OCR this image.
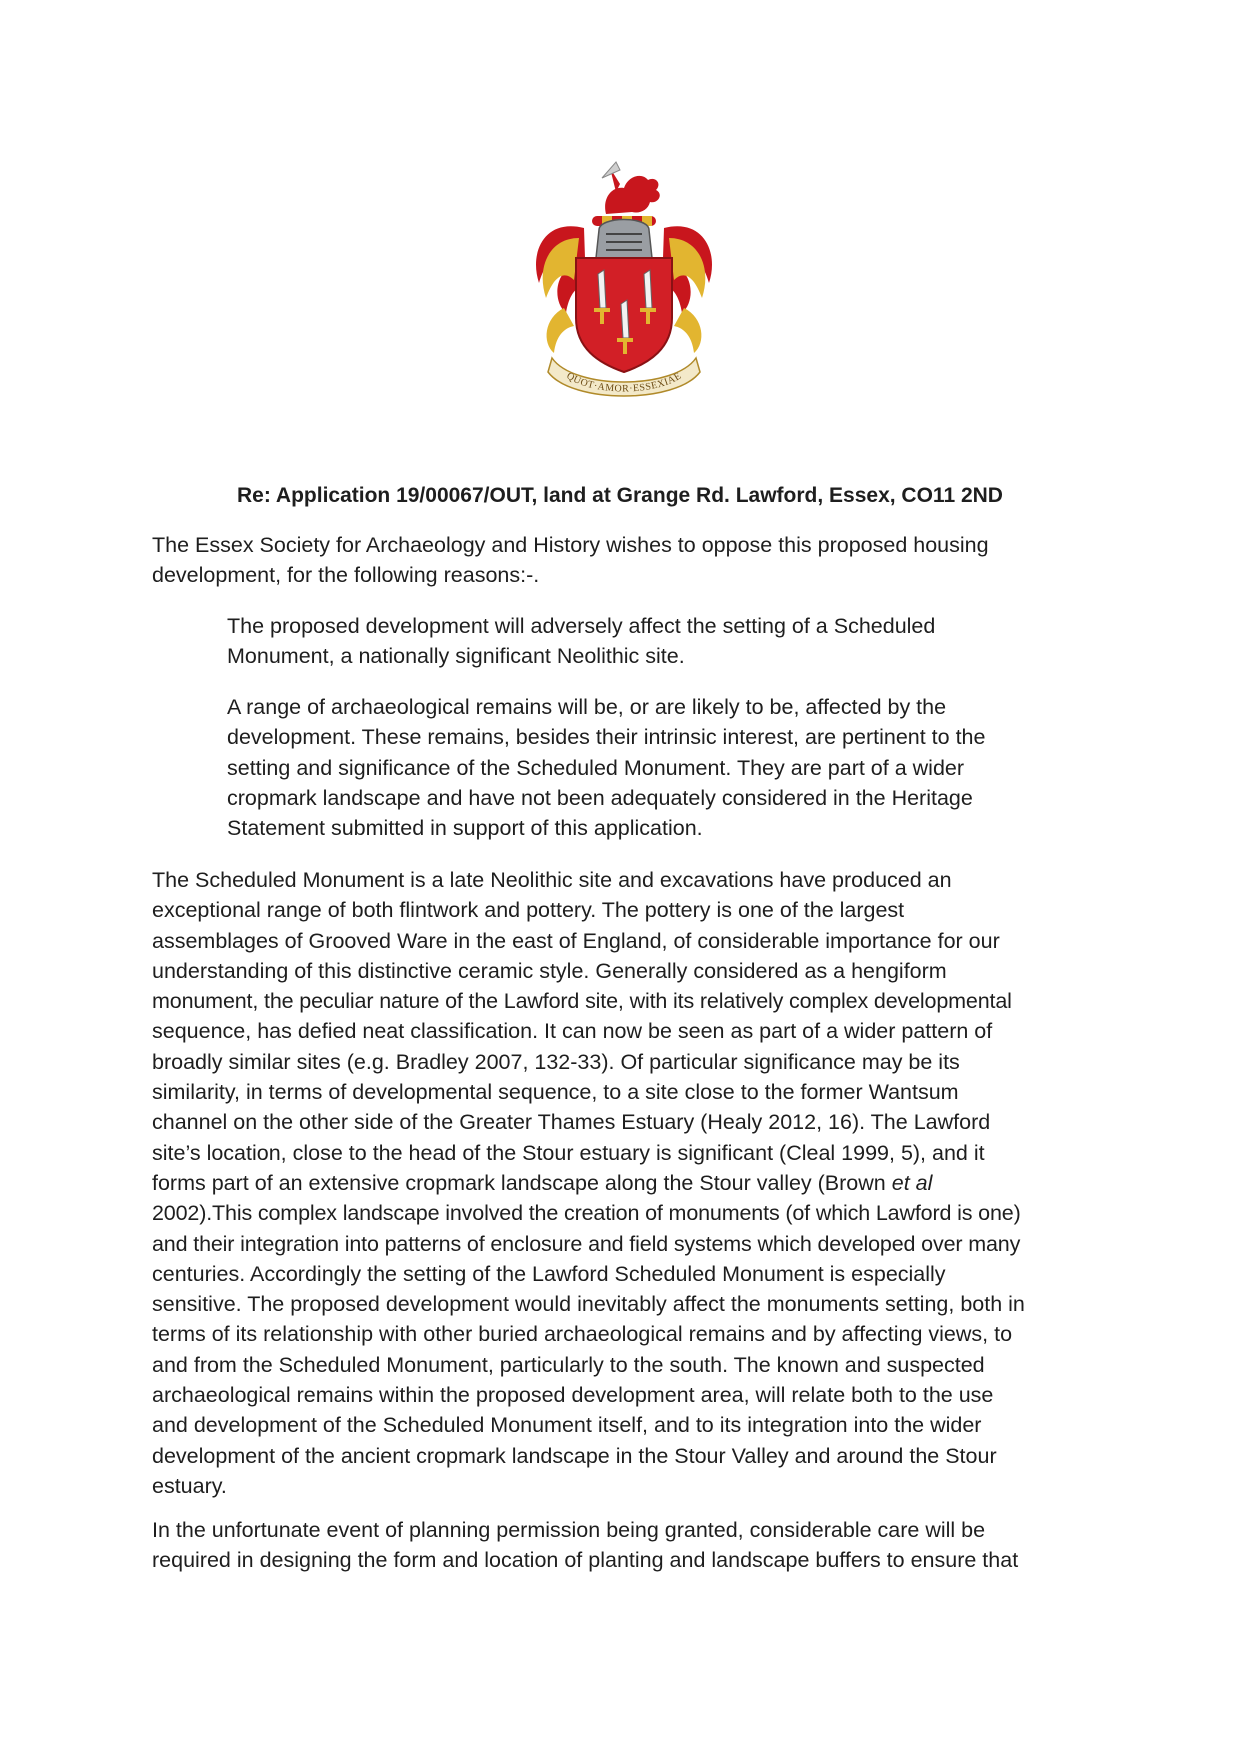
QUOT·AMOR·ESSEXIAE
Re: Application 19/00067/OUT, land at Grange Rd. Lawford, Essex, CO11 2ND

The Essex Society for Archaeology and History wishes to oppose this proposed housing
development, for the following reasons:-.

The proposed development will adversely affect the setting of a Scheduled
Monument, a nationally significant Neolithic site.

A range of archaeological remains will be, or are likely to be, affected by the
development. These remains, besides their intrinsic interest, are pertinent to the
setting and significance of the Scheduled Monument. They are part of a wider
cropmark landscape and have not been adequately considered in the Heritage
Statement submitted in support of this application.

The Scheduled Monument is a late Neolithic site and excavations have produced an
exceptional range of both flintwork and pottery. The pottery is one of the largest
assemblages of Grooved Ware in the east of England, of considerable importance for our
understanding of this distinctive ceramic style. Generally considered as a hengiform
monument, the peculiar nature of the Lawford site, with its relatively complex developmental
sequence, has defied neat classification. It can now be seen as part of a wider pattern of
broadly similar sites (e.g. Bradley 2007, 132-33). Of particular significance may be its
similarity, in terms of developmental sequence, to a site close to the former Wantsum
channel on the other side of the Greater Thames Estuary (Healy 2012, 16). The Lawford
site’s location, close to the head of the Stour estuary is significant (Cleal 1999, 5), and it
forms part of an extensive cropmark landscape along the Stour valley (Brown et al
2002).This complex landscape involved the creation of monuments (of which Lawford is one)
and their integration into patterns of enclosure and field systems which developed over many
centuries. Accordingly the setting of the Lawford Scheduled Monument is especially
sensitive. The proposed development would inevitably affect the monuments setting, both in
terms of its relationship with other buried archaeological remains and by affecting views, to
and from the Scheduled Monument, particularly to the south. The known and suspected
archaeological remains within the proposed development area, will relate both to the use
and development of the Scheduled Monument itself, and to its integration into the wider
development of the ancient cropmark landscape in the Stour Valley and around the Stour
estuary.

In the unfortunate event of planning permission being granted, considerable care will be
required in designing the form and location of planting and landscape buffers to ensure that
